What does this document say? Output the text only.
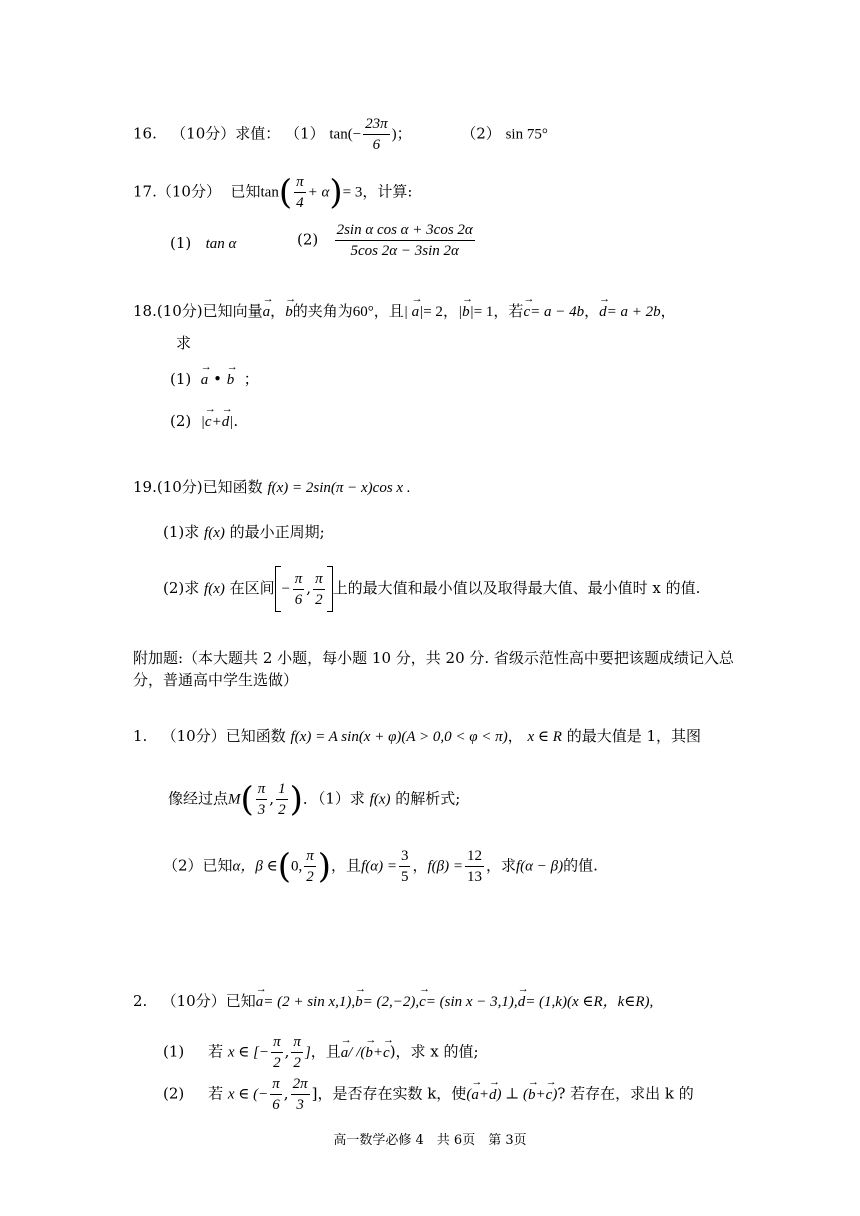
16. （10分）求值： （1） $\tan(- \frac{23\pi}{6}$ )；	（2） sin 75°
17.（10分） 已知$\tan( \frac{\pi}{4} + \alpha)= 3$，计算:
(1) tan α	$(2) \frac{\text{2sin α cos α + 3cos 2α}}{5\cos 2\alpha - 3\sin 2\alpha}$
18.(10分)已知向量→ a，→ b的夹角为60°，且| → a|= 2，|→ b|= 1，若→ c= a − 4b，→ d= a + 2b，
求
(1)  → a • → b ；
(2) |→ c+→ d|.
19.(10分)已知函数 f(x) = 2sin(π − x)cos x .
(1)求 f(x) 的最小正周期;
(2)求 f(x) 在区间 − $\frac{\pi}{6}$ , $\frac{\pi}{2}$ 上的最大值和最小值以及取得最大值、最小值时 x 的值.
附加题:（本大题共 2 小题，每小题 10 分，共 20 分. 省级示范性高中要把该题成绩记入总
分，普通高中学生选做）
1. （10分）已知函数 f(x) = A sin(x + φ)(A > 0,0 < φ < π)， x ∈ R 的最大值是 1，其图
像经过点$M( \frac{\pi}{3}$ , $\frac{1}{2}$ )．（1）求 f(x) 的解析式;
（2）已知α，β ∈(0, $\frac{\pi}{2}$ )，且$f(\alpha) = \frac{3}{5}$ ，$f(\beta) = \frac{12}{13}$ ，求f(α − β)的值.
2. （10分）已知→ a= (2 + sin x,1),→ b= (2,−2),→ c= (sin x − 3,1),→ d= (1,k)(x ∈R，k∈R),
(1) 若 x ∈ [− $\frac{\pi}{2}$ , $\frac{\pi}{2}$ ]，且→ a/ /(→ b+→ c)，求 x 的值;
(2) 若 x ∈ (− $\frac{\pi}{6}$ , $\frac{2\pi}{3}$ ]，是否存在实数 k，使(→ a+→ d) ⊥ (→ b+→ c)? 若存在，求出 k 的
高一数学必修 4　共 6页　第 3页
